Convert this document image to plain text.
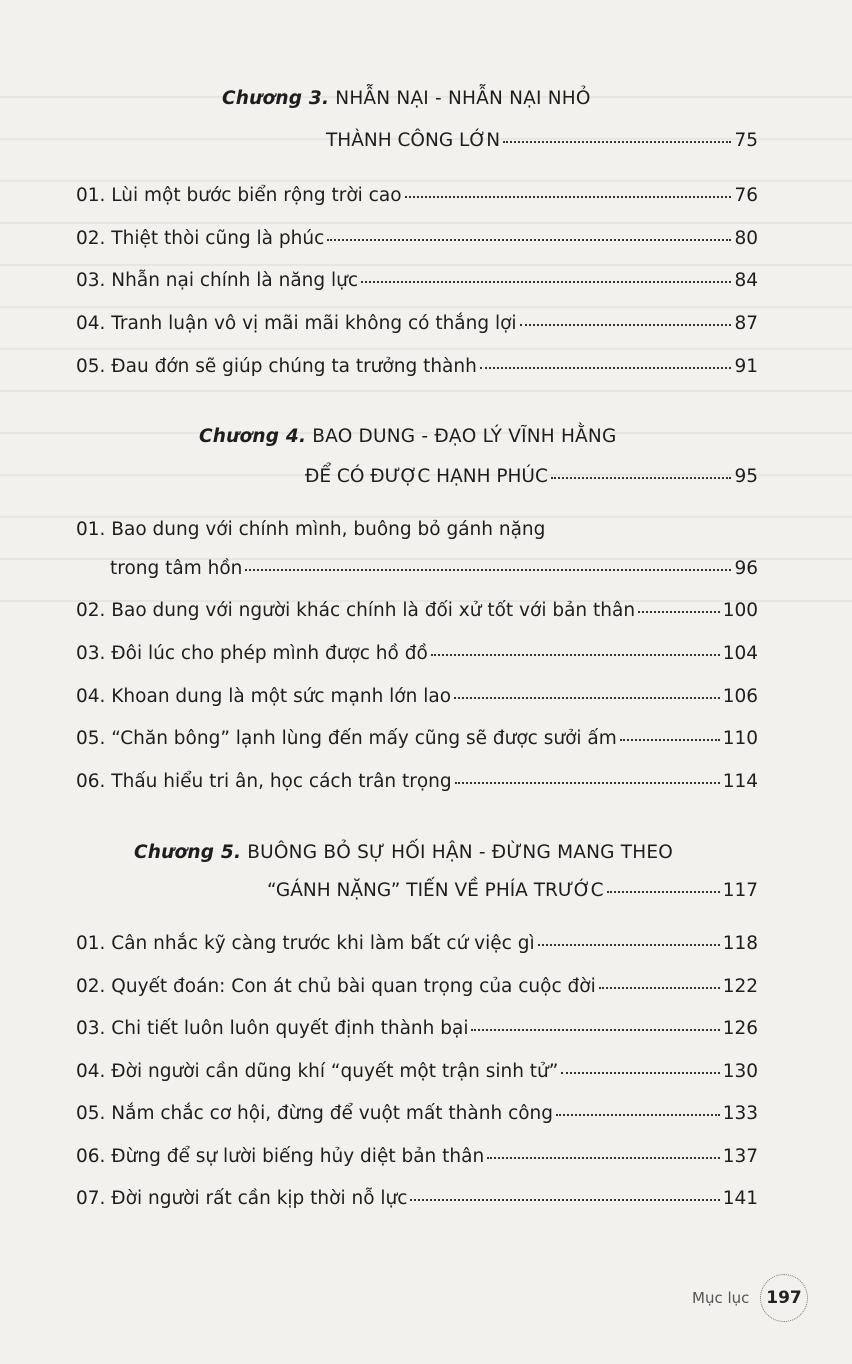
Chương 3. NHẪN NẠI - NHẪN NẠI NHỎ
THÀNH CÔNG LỚN	75
01. Lùi một bước biển rộng trời cao	76
02. Thiệt thòi cũng là phúc	80
03. Nhẫn nại chính là năng lực	84
04. Tranh luận vô vị mãi mãi không có thắng lợi	87
05. Đau đớn sẽ giúp chúng ta trưởng thành	91
Chương 4. BAO DUNG - ĐẠO LÝ VĨNH HẰNG
ĐỂ CÓ ĐƯỢC HẠNH PHÚC	95
01. Bao dung với chính mình, buông bỏ gánh nặng
trong tâm hồn	96
02. Bao dung với người khác chính là đối xử tốt với bản thân	100
03. Đôi lúc cho phép mình được hồ đồ	104
04. Khoan dung là một sức mạnh lớn lao	106
05. “Chăn bông” lạnh lùng đến mấy cũng sẽ được sưởi ấm	110
06. Thấu hiểu tri ân, học cách trân trọng	114
Chương 5. BUÔNG BỎ SỰ HỐI HẬN - ĐỪNG MANG THEO
“GÁNH NẶNG” TIẾN VỀ PHÍA TRƯỚC	117
01. Cân nhắc kỹ càng trước khi làm bất cứ việc gì	118
02. Quyết đoán: Con át chủ bài quan trọng của cuộc đời	122
03. Chi tiết luôn luôn quyết định thành bại	126
04. Đời người cần dũng khí “quyết một trận sinh tử”	130
05. Nắm chắc cơ hội, đừng để vuột mất thành công	133
06. Đừng để sự lười biếng hủy diệt bản thân	137
07. Đời người rất cần kịp thời nỗ lực	141
Mục lục 197
